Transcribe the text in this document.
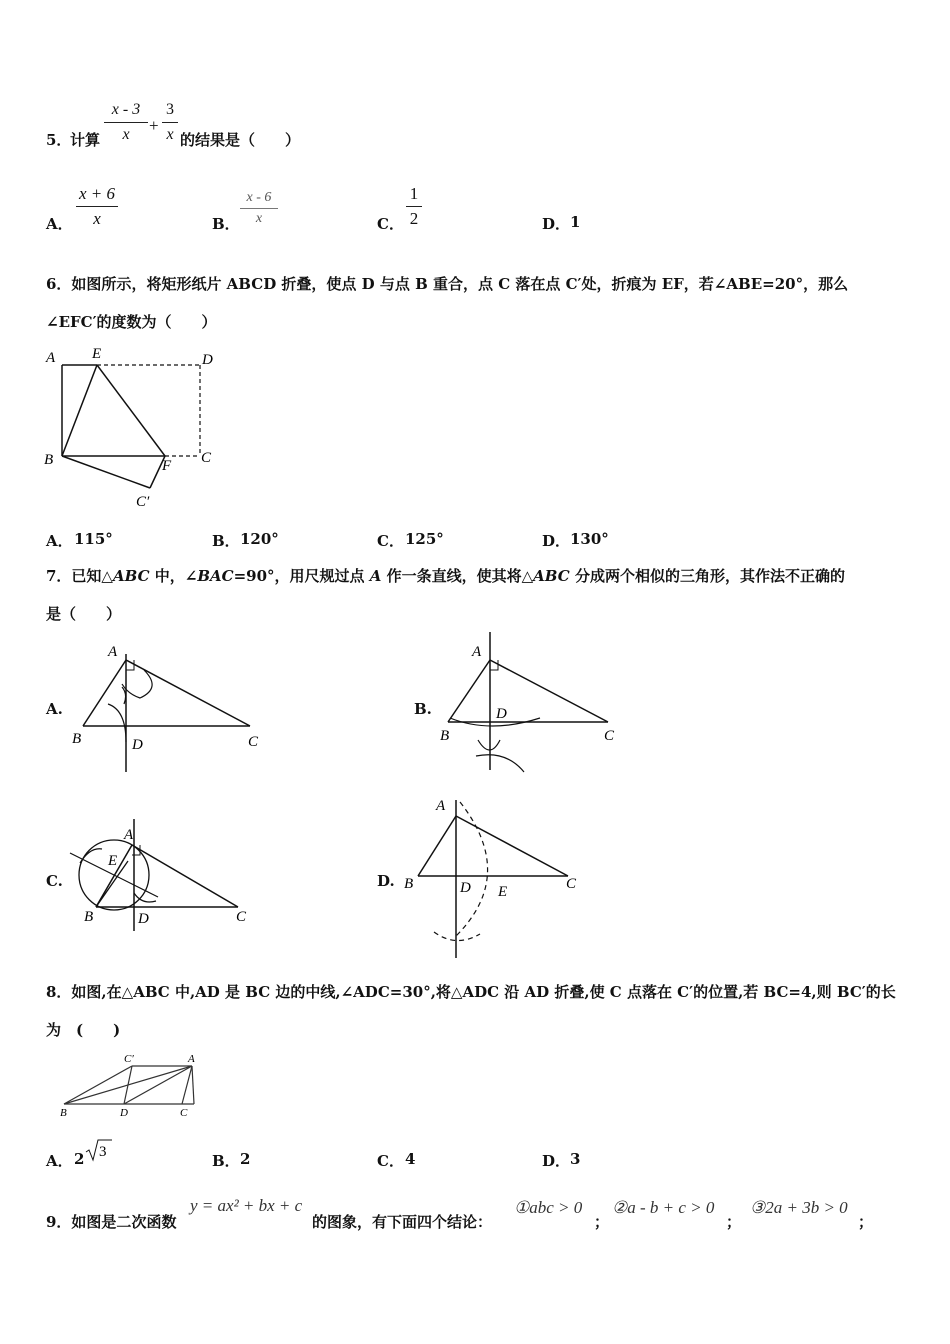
5．
计算
x - 3
x	+
3
x 的结果是（　　）
A．
x + 6
x	B．
x - 6
x	C．
1
2	D． 1
6．如图所示，将矩形纸片 ABCD 折叠，使点 D 与点 B 重合，点 C 落在点 C′处，折痕为 EF，若∠ABE=20°，那么
∠EFC′的度数为（　　）
A E	D
B	F C
C′
A． 115°	B． 120°	C． 125°	D． 130°
7．已知△ABC 中，∠BAC=90°，用尺规过点 A 作一条直线，使其将△ABC 分成两个相似的三角形，其作法不正确的
是（　　）
A.
A
B	D	C
B.
A
D
B	C
C.
A
E
B	D	C
D.
A
B	D E	C
8．如图,在△ABC 中,AD 是 BC 边的中线,∠ADC=30°,将△ADC 沿 AD 折叠,使 C 点落在 C′的位置,若 BC=4,则 BC′的长
为　(　　)
C′	A
B	D	C
A． 2 3	B． 2	C． 4	D． 3
9．如图是二次函数
y = ax² + bx + c
的图象，有下面四个结论：
①abc > 0
；
②a - b + c > 0
；
③2a + 3b > 0
；
